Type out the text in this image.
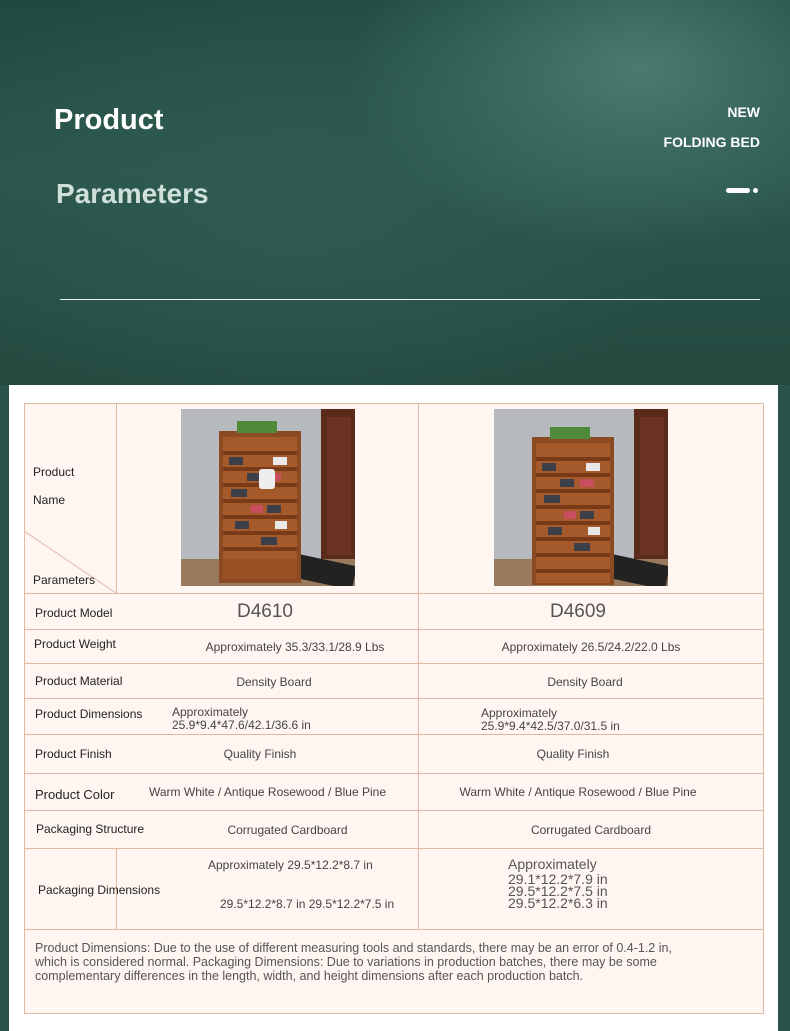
Product
Parameters
NEW
FOLDING BED
Product
Name
Parameters
Product Model
Product Weight
Product Material
Product Dimensions
Product Finish
Product Color
Packaging Structure
Packaging Dimensions
D4610
Approximately 35.3/33.1/28.9 Lbs
Density Board
Approximately
25.9*9.4*47.6/42.1/36.6 in
Quality Finish
Warm White / Antique Rosewood / Blue Pine
Corrugated Cardboard
Approximately 29.5*12.2*8.7 in
29.5*12.2*8.7 in 29.5*12.2*7.5 in
D4609
Approximately 26.5/24.2/22.0 Lbs
Density Board
Approximately
25.9*9.4*42.5/37.0/31.5 in
Quality Finish
Warm White / Antique Rosewood / Blue Pine
Corrugated Cardboard
Approximately
29.1*12.2*7.9 in
29.5*12.2*7.5 in
29.5*12.2*6.3 in
Product Dimensions: Due to the use of different measuring tools and standards, there may be an error of 0.4-1.2 in, which is considered normal. Packaging Dimensions: Due to variations in production batches, there may be some complementary differences in the length, width, and height dimensions after each production batch.
